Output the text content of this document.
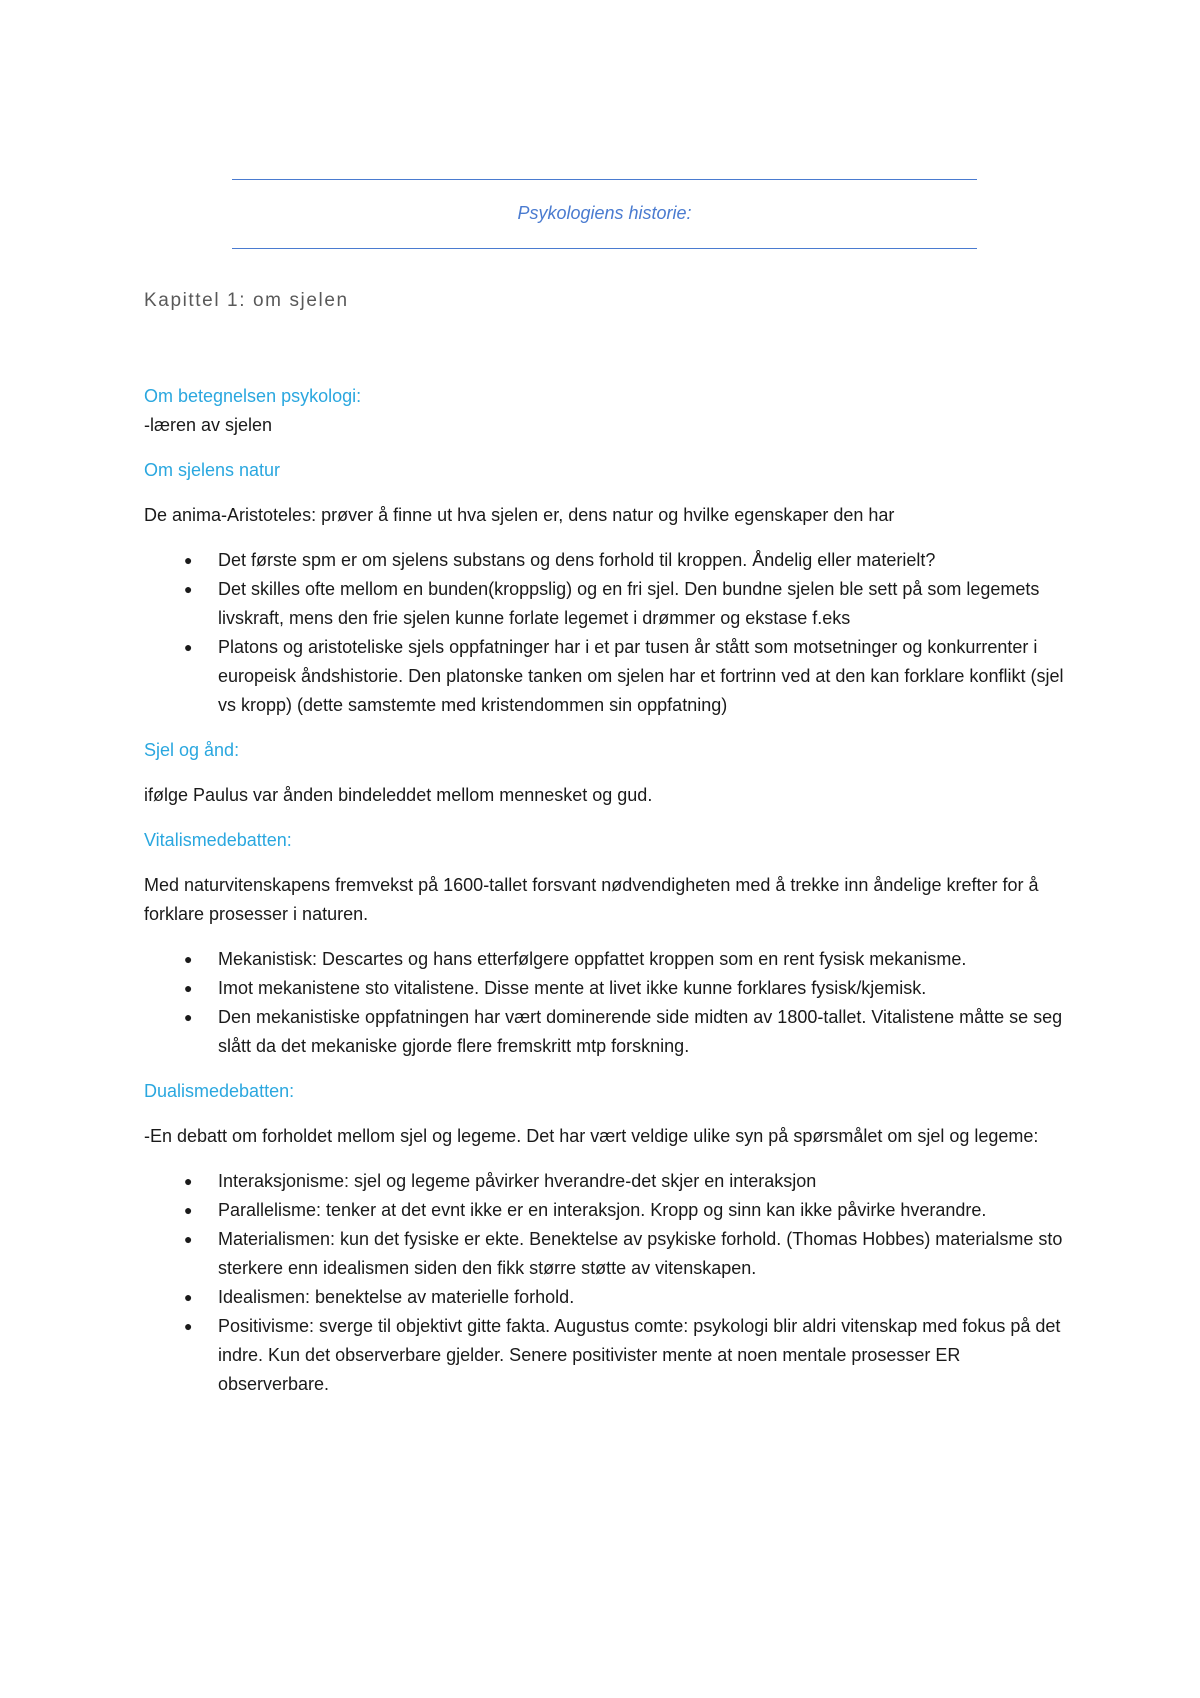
Psykologiens historie:
Kapittel 1: om sjelen

Om betegnelsen psykologi:

-læren av sjelen

Om sjelens natur

De anima-Aristoteles: prøver å finne ut hva sjelen er, dens natur og hvilke egenskaper den har

● Det første spm er om sjelens substans og dens forhold til kroppen. Åndelig eller materielt?
● Det skilles ofte mellom en bunden(kroppslig) og en fri sjel. Den bundne sjelen ble sett på som legemets livskraft, mens den frie sjelen kunne forlate legemet i drømmer og ekstase f.eks
● Platons og aristoteliske sjels oppfatninger har i et par tusen år stått som motsetninger og konkurrenter i europeisk åndshistorie. Den platonske tanken om sjelen har et fortrinn ved at den kan forklare konflikt (sjel vs kropp) (dette samstemte med kristendommen sin oppfatning)

Sjel og ånd:

ifølge Paulus var ånden bindeleddet mellom mennesket og gud.

Vitalismedebatten:

Med naturvitenskapens fremvekst på 1600-tallet forsvant nødvendigheten med å trekke inn åndelige krefter for å forklare prosesser i naturen.

● Mekanistisk: Descartes og hans etterfølgere oppfattet kroppen som en rent fysisk mekanisme.
● Imot mekanistene sto vitalistene. Disse mente at livet ikke kunne forklares fysisk/kjemisk.
● Den mekanistiske oppfatningen har vært dominerende side midten av 1800-tallet. Vitalistene måtte se seg slått da det mekaniske gjorde flere fremskritt mtp forskning.

Dualismedebatten:

-En debatt om forholdet mellom sjel og legeme. Det har vært veldige ulike syn på spørsmålet om sjel og legeme:

● Interaksjonisme: sjel og legeme påvirker hverandre-det skjer en interaksjon
● Parallelisme: tenker at det evnt ikke er en interaksjon. Kropp og sinn kan ikke påvirke hverandre.
● Materialismen: kun det fysiske er ekte. Benektelse av psykiske forhold. (Thomas Hobbes) materialsme sto sterkere enn idealismen siden den fikk større støtte av vitenskapen.
● Idealismen: benektelse av materielle forhold.
● Positivisme: sverge til objektivt gitte fakta. Augustus comte: psykologi blir aldri vitenskap med fokus på det indre. Kun det observerbare gjelder. Senere positivister mente at noen mentale prosesser ER observerbare.
